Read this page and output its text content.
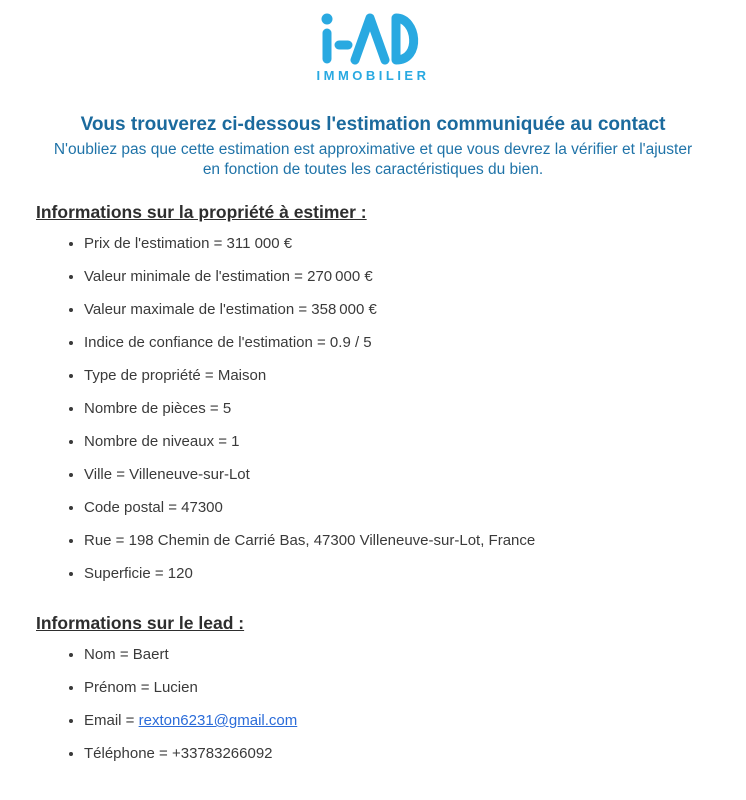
IMMOBILIER
Vous trouverez ci-dessous l'estimation communiquée au contact
N'oubliez pas que cette estimation est approximative et que vous devrez la vérifier et l'ajuster
en fonction de toutes les caractéristiques du bien.
Informations sur la propriété à estimer :
• Prix de l'estimation = 311 000 €
• Valeur minimale de l'estimation = 270 000 €
• Valeur maximale de l'estimation = 358 000 €
• Indice de confiance de l'estimation = 0.9 / 5
• Type de propriété = Maison
• Nombre de pièces = 5
• Nombre de niveaux = 1
• Ville = Villeneuve-sur-Lot
• Code postal = 47300
• Rue = 198 Chemin de Carrié Bas, 47300 Villeneuve-sur-Lot, France
• Superficie = 120
Informations sur le lead :
• Nom = Baert
• Prénom = Lucien
• Email = rexton6231@gmail.com
• Téléphone = +33783266092
